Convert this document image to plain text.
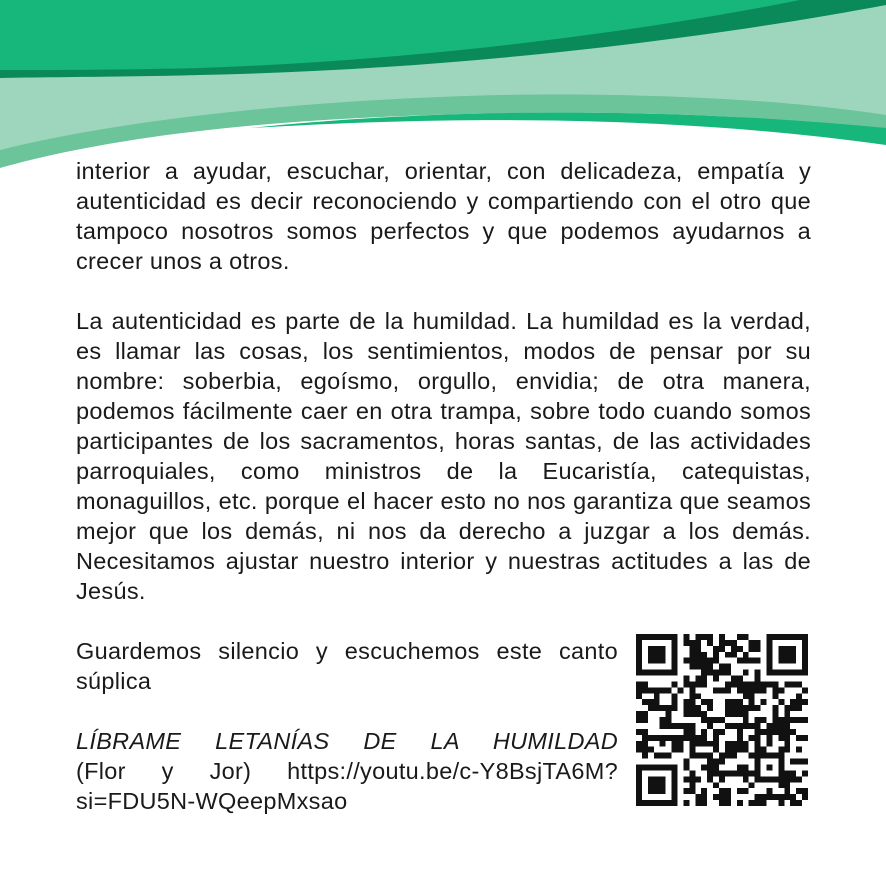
interior a ayudar, escuchar, orientar, con delicadeza, empatía y autenticidad es decir reconociendo y compartiendo con el otro que tampoco nosotros somos perfectos y que podemos ayudarnos a crecer unos a otros.

La autenticidad es parte de la humildad. La humildad es la verdad, es llamar las cosas, los sentimientos, modos de pensar por su nombre: soberbia, egoísmo, orgullo, envidia; de otra manera, podemos fácilmente caer en otra trampa, sobre todo cuando somos participantes de los sacramentos, horas santas, de las actividades parroquiales, como ministros de la Eucaristía, catequistas, monaguillos, etc. porque el hacer esto no nos garantiza que seamos mejor que los demás, ni nos da derecho a juzgar a los demás. Necesitamos ajustar nuestro interior y nuestras actitudes a las de Jesús.

Guardemos silencio y escuchemos este canto súplica

LÍBRAME LETANÍAS DE LA HUMILDAD

(Flor y Jor) https://youtu.be/c-Y8BsjTA6M?si=FDU5N-WQeepMxsao
